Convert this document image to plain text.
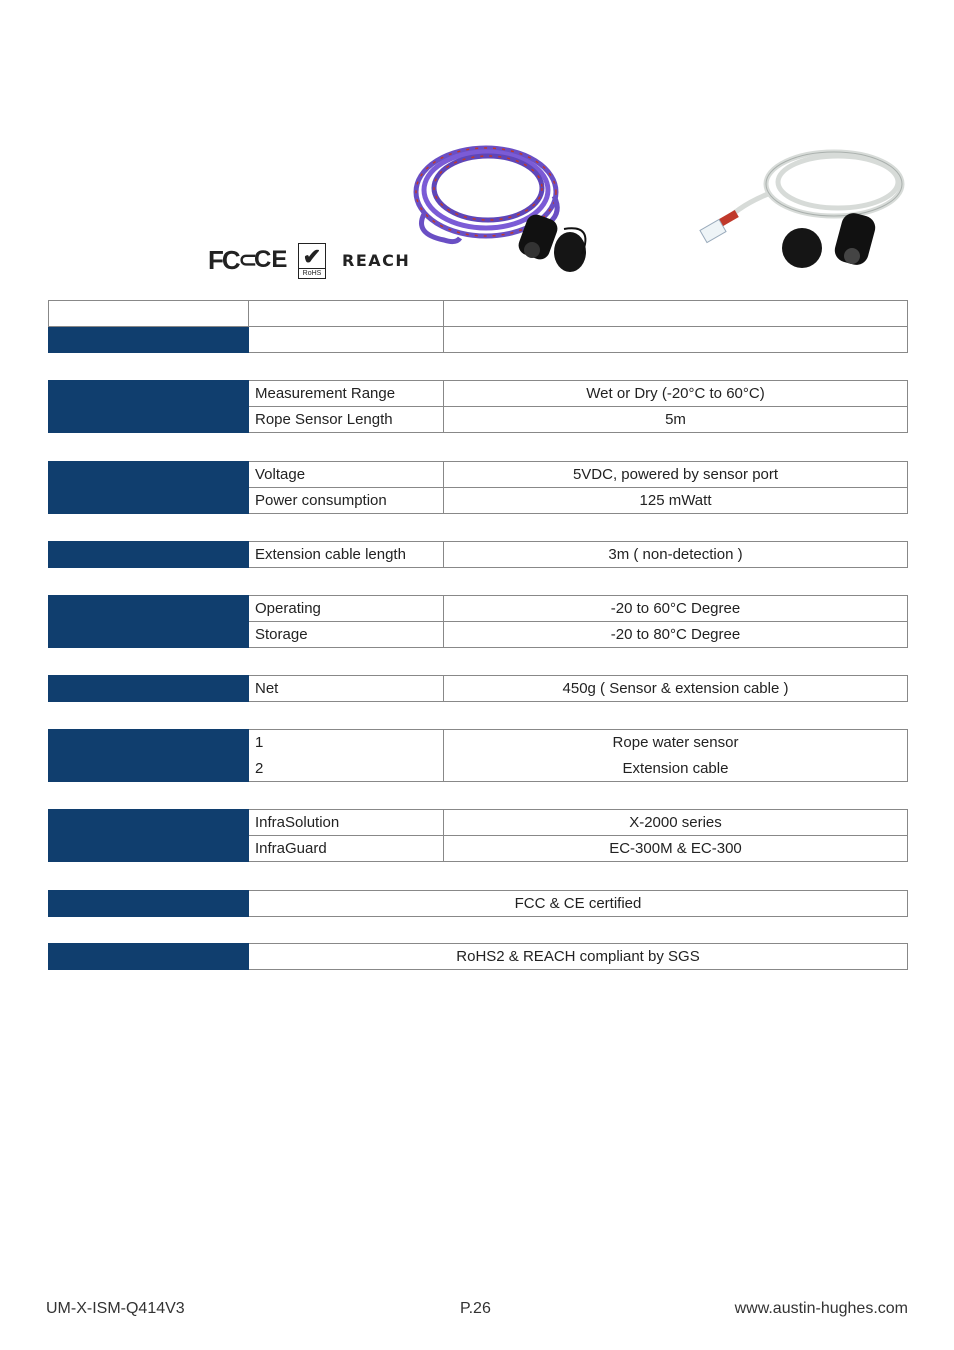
FC ⊂
CE ✔
RoHS
REACH

	Measurement Range	Wet or Dry (-20°C to 60°C)
	Rope Sensor Length	5m
	Voltage	5VDC, powered by sensor port
	Power consumption	125 mWatt
	Extension cable length	3m ( non-detection )
	Operating	-20 to 60°C Degree
	Storage	-20 to 80°C Degree
	Net	450g ( Sensor & extension cable )
	1	Rope water sensor
	2	Extension cable
	InfraSolution	X-2000 series
	InfraGuard	EC-300M & EC-300
	FCC & CE certified
	RoHS2 & REACH compliant by SGS
UM-X-ISM-Q414V3	P.26	www.austin-hughes.com
